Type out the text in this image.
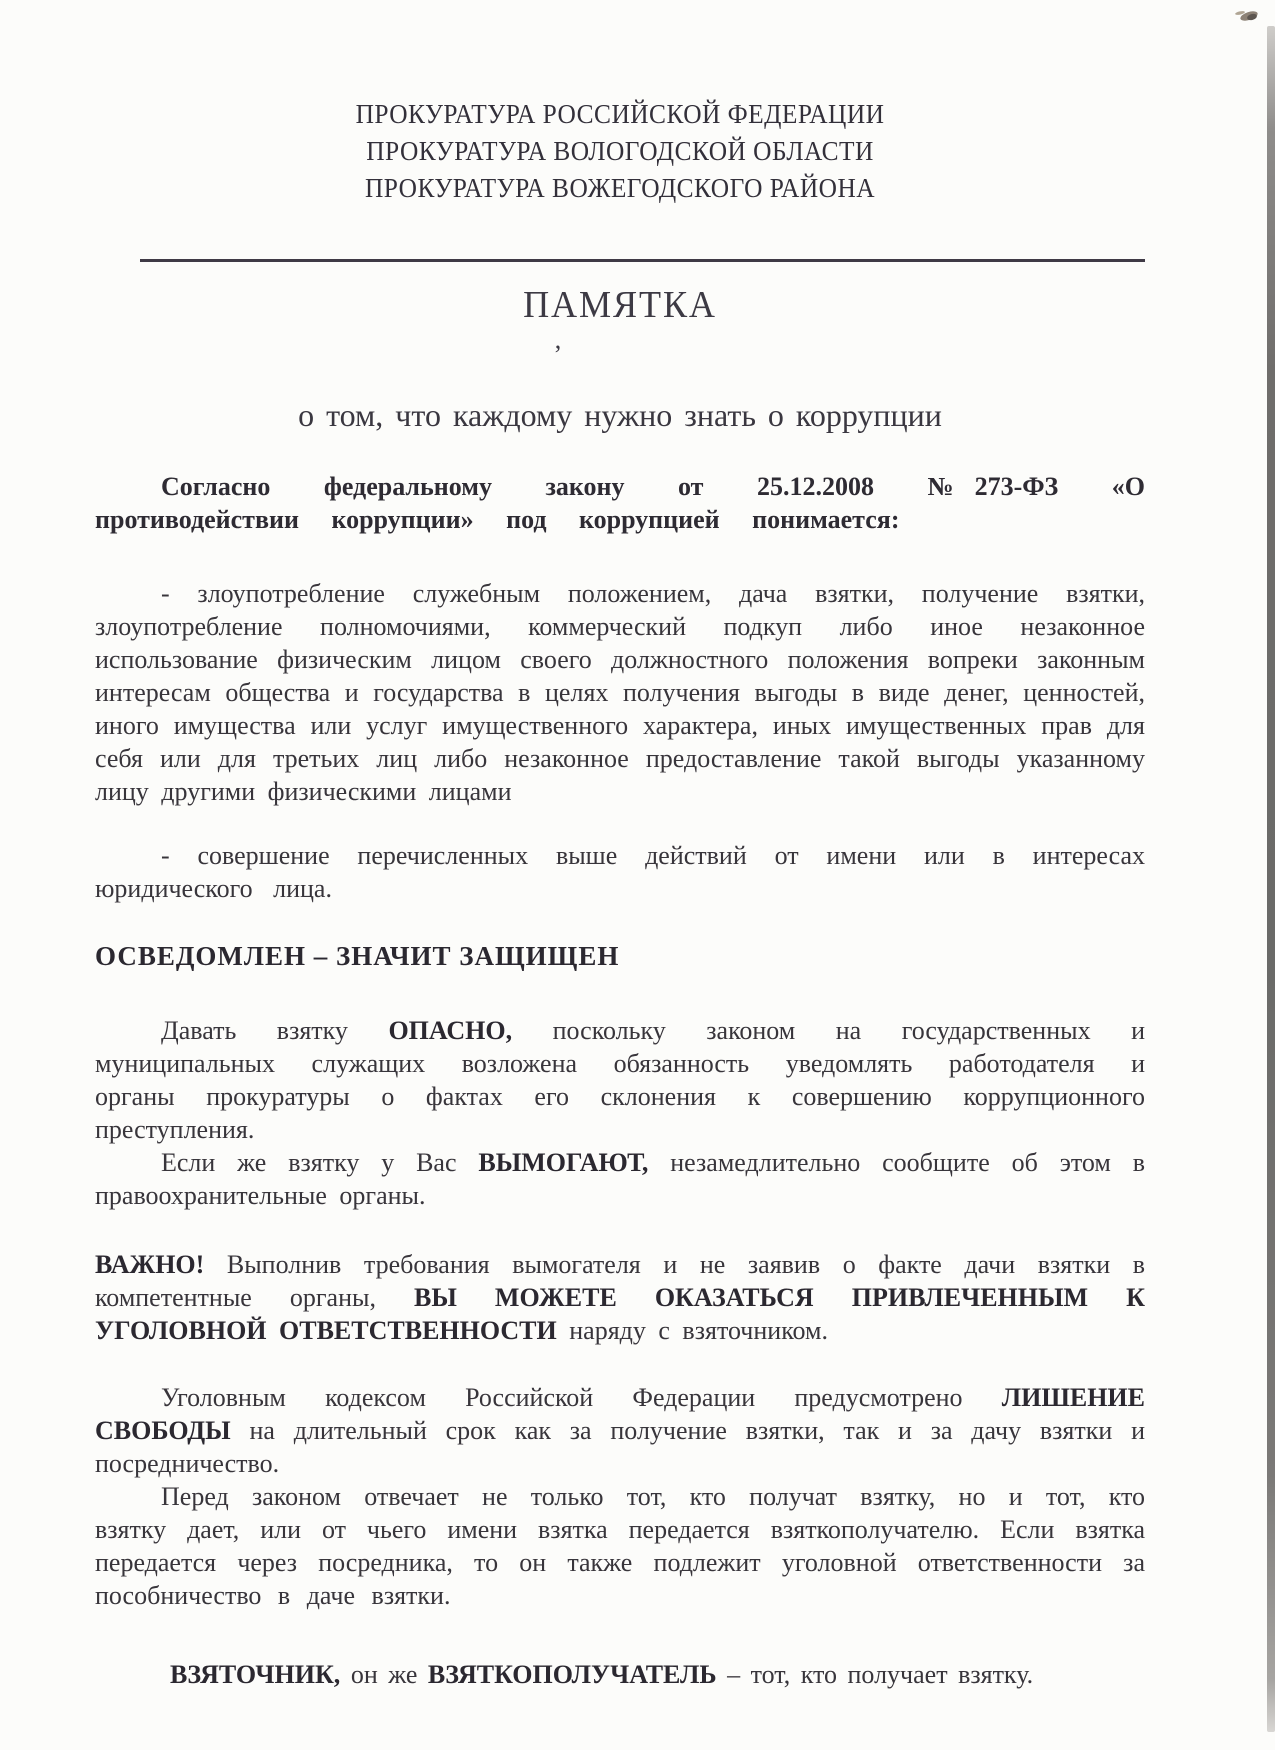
ПРОКУРАТУРА РОССИЙСКОЙ ФЕДЕРАЦИИ
ПРОКУРАТУРА ВОЛОГОДСКОЙ ОБЛАСТИ
ПРОКУРАТУРА ВОЖЕГОДСКОГО РАЙОНА
ПАМЯТКА
,
о том, что каждому нужно знать о коррупции

Согласно федеральному закону от 25.12.2008 №273-ФЗ «О противодействии коррупции» под коррупцией понимается:

- злоупотребление служебным положением, дача взятки, получение взятки, злоупотребление полномочиями, коммерческий подкуп либо иное незаконное использование физическим лицом своего должностного положения вопреки законным интересам общества и государства в целях получения выгоды в виде денег, ценностей, иного имущества или услуг имущественного характера, иных имущественных прав для себя или для третьих лиц либо незаконное предоставление такой выгоды указанному лицу другими физическими лицами

- совершение перечисленных выше действий от имени или в интересах юридического лица.

ОСВЕДОМЛЕН – ЗНАЧИТ ЗАЩИЩЕН

Давать взятку ОПАСНО, поскольку законом на государственных и муниципальных служащих возложена обязанность уведомлять работодателя и органы прокуратуры о фактах его склонения к совершению коррупционного преступления.

Если же взятку у Вас ВЫМОГАЮТ, незамедлительно сообщите об этом в правоохранительные органы.

ВАЖНО! Выполнив требования вымогателя и не заявив о факте дачи взятки в компетентные органы, ВЫ МОЖЕТЕ ОКАЗАТЬСЯ ПРИВЛЕЧЕННЫМ К УГОЛОВНОЙ ОТВЕТСТВЕННОСТИ наряду с взяточником.

Уголовным кодексом Российской Федерации предусмотрено ЛИШЕНИЕ СВОБОДЫ на длительный срок как за получение взятки, так и за дачу взятки и посредничество.

Перед законом отвечает не только тот, кто получат взятку, но и тот, кто взятку дает, или от чьего имени взятка передается взяткополучателю. Если взятка передается через посредника, то он также подлежит уголовной ответственности за пособничество в даче взятки.

ВЗЯТОЧНИК, он же ВЗЯТКОПОЛУЧАТЕЛЬ – тот, кто получает взятку.
